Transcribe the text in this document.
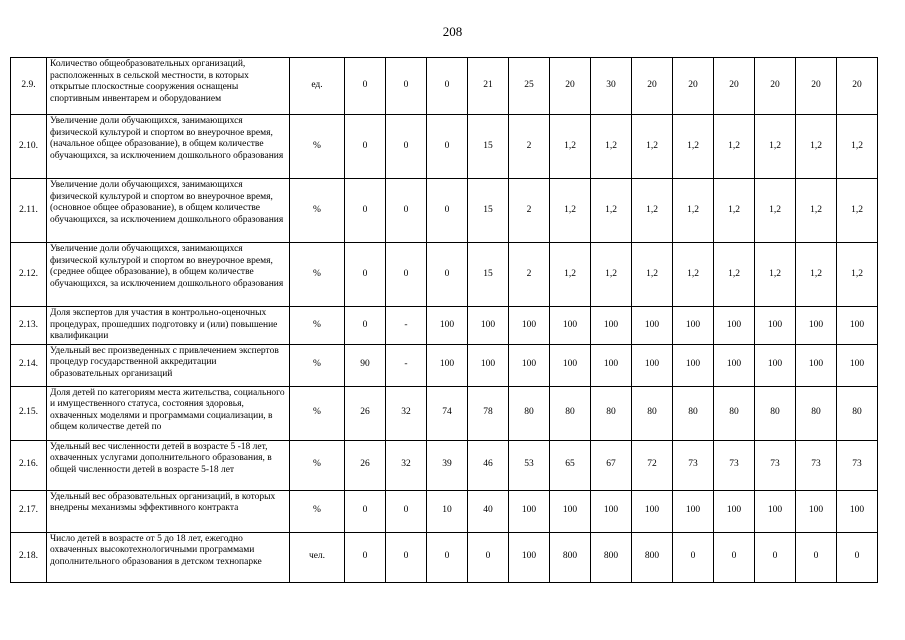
208
2.9.	Количество общеобразовательных организаций, расположенных в сельской местности, в которых открытые плоскостные сооружения оснащены спортивным инвентарем и оборудованием	ед.	0	0	0	21	25	20	30	20	20	20	20	20	20
2.10.	Увеличение доли обучающихся, занимающихся физической культурой и спортом во внеурочное время, (начальное общее образование), в общем количестве обучающихся, за исключением дошкольного образования	%	0	0	0	15	2	1,2	1,2	1,2	1,2	1,2	1,2	1,2	1,2
2.11.	Увеличение доли обучающихся, занимающихся физической культурой и спортом во внеурочное время, (основное общее образование), в общем количестве обучающихся, за исключением дошкольного образования	%	0	0	0	15	2	1,2	1,2	1,2	1,2	1,2	1,2	1,2	1,2
2.12.	Увеличение доли обучающихся, занимающихся физической культурой и спортом во внеурочное время, (среднее общее образование), в общем количестве обучающихся, за исключением дошкольного образования	%	0	0	0	15	2	1,2	1,2	1,2	1,2	1,2	1,2	1,2	1,2
2.13.	Доля экспертов для участия в контрольно-оценочных процедурах, прошедших подготовку и (или) повышение квалификации	%	0	-	100	100	100	100	100	100	100	100	100	100	100
2.14.	Удельный вес произведенных с привлечением экспертов процедур государственной аккредитации образовательных организаций	%	90	-	100	100	100	100	100	100	100	100	100	100	100
2.15.	Доля детей по категориям места жительства, социального и имущественного статуса, состояния здоровья, охваченных моделями и программами социализации, в общем количестве детей по	%	26	32	74	78	80	80	80	80	80	80	80	80	80
2.16.	Удельный вес численности детей в возрасте 5 -18 лет, охваченных услугами дополнительного образования, в общей численности детей в возрасте 5-18 лет	%	26	32	39	46	53	65	67	72	73	73	73	73	73
2.17.	Удельный вес образовательных организаций, в которых внедрены механизмы эффективного контракта	%	0	0	10	40	100	100	100	100	100	100	100	100	100
2.18.	Число детей в возрасте от 5 до 18 лет, ежегодно охваченных высокотехнологичными программами дополнительного образования в детском технопарке	чел.	0	0	0	0	100	800	800	800	0	0	0	0	0
